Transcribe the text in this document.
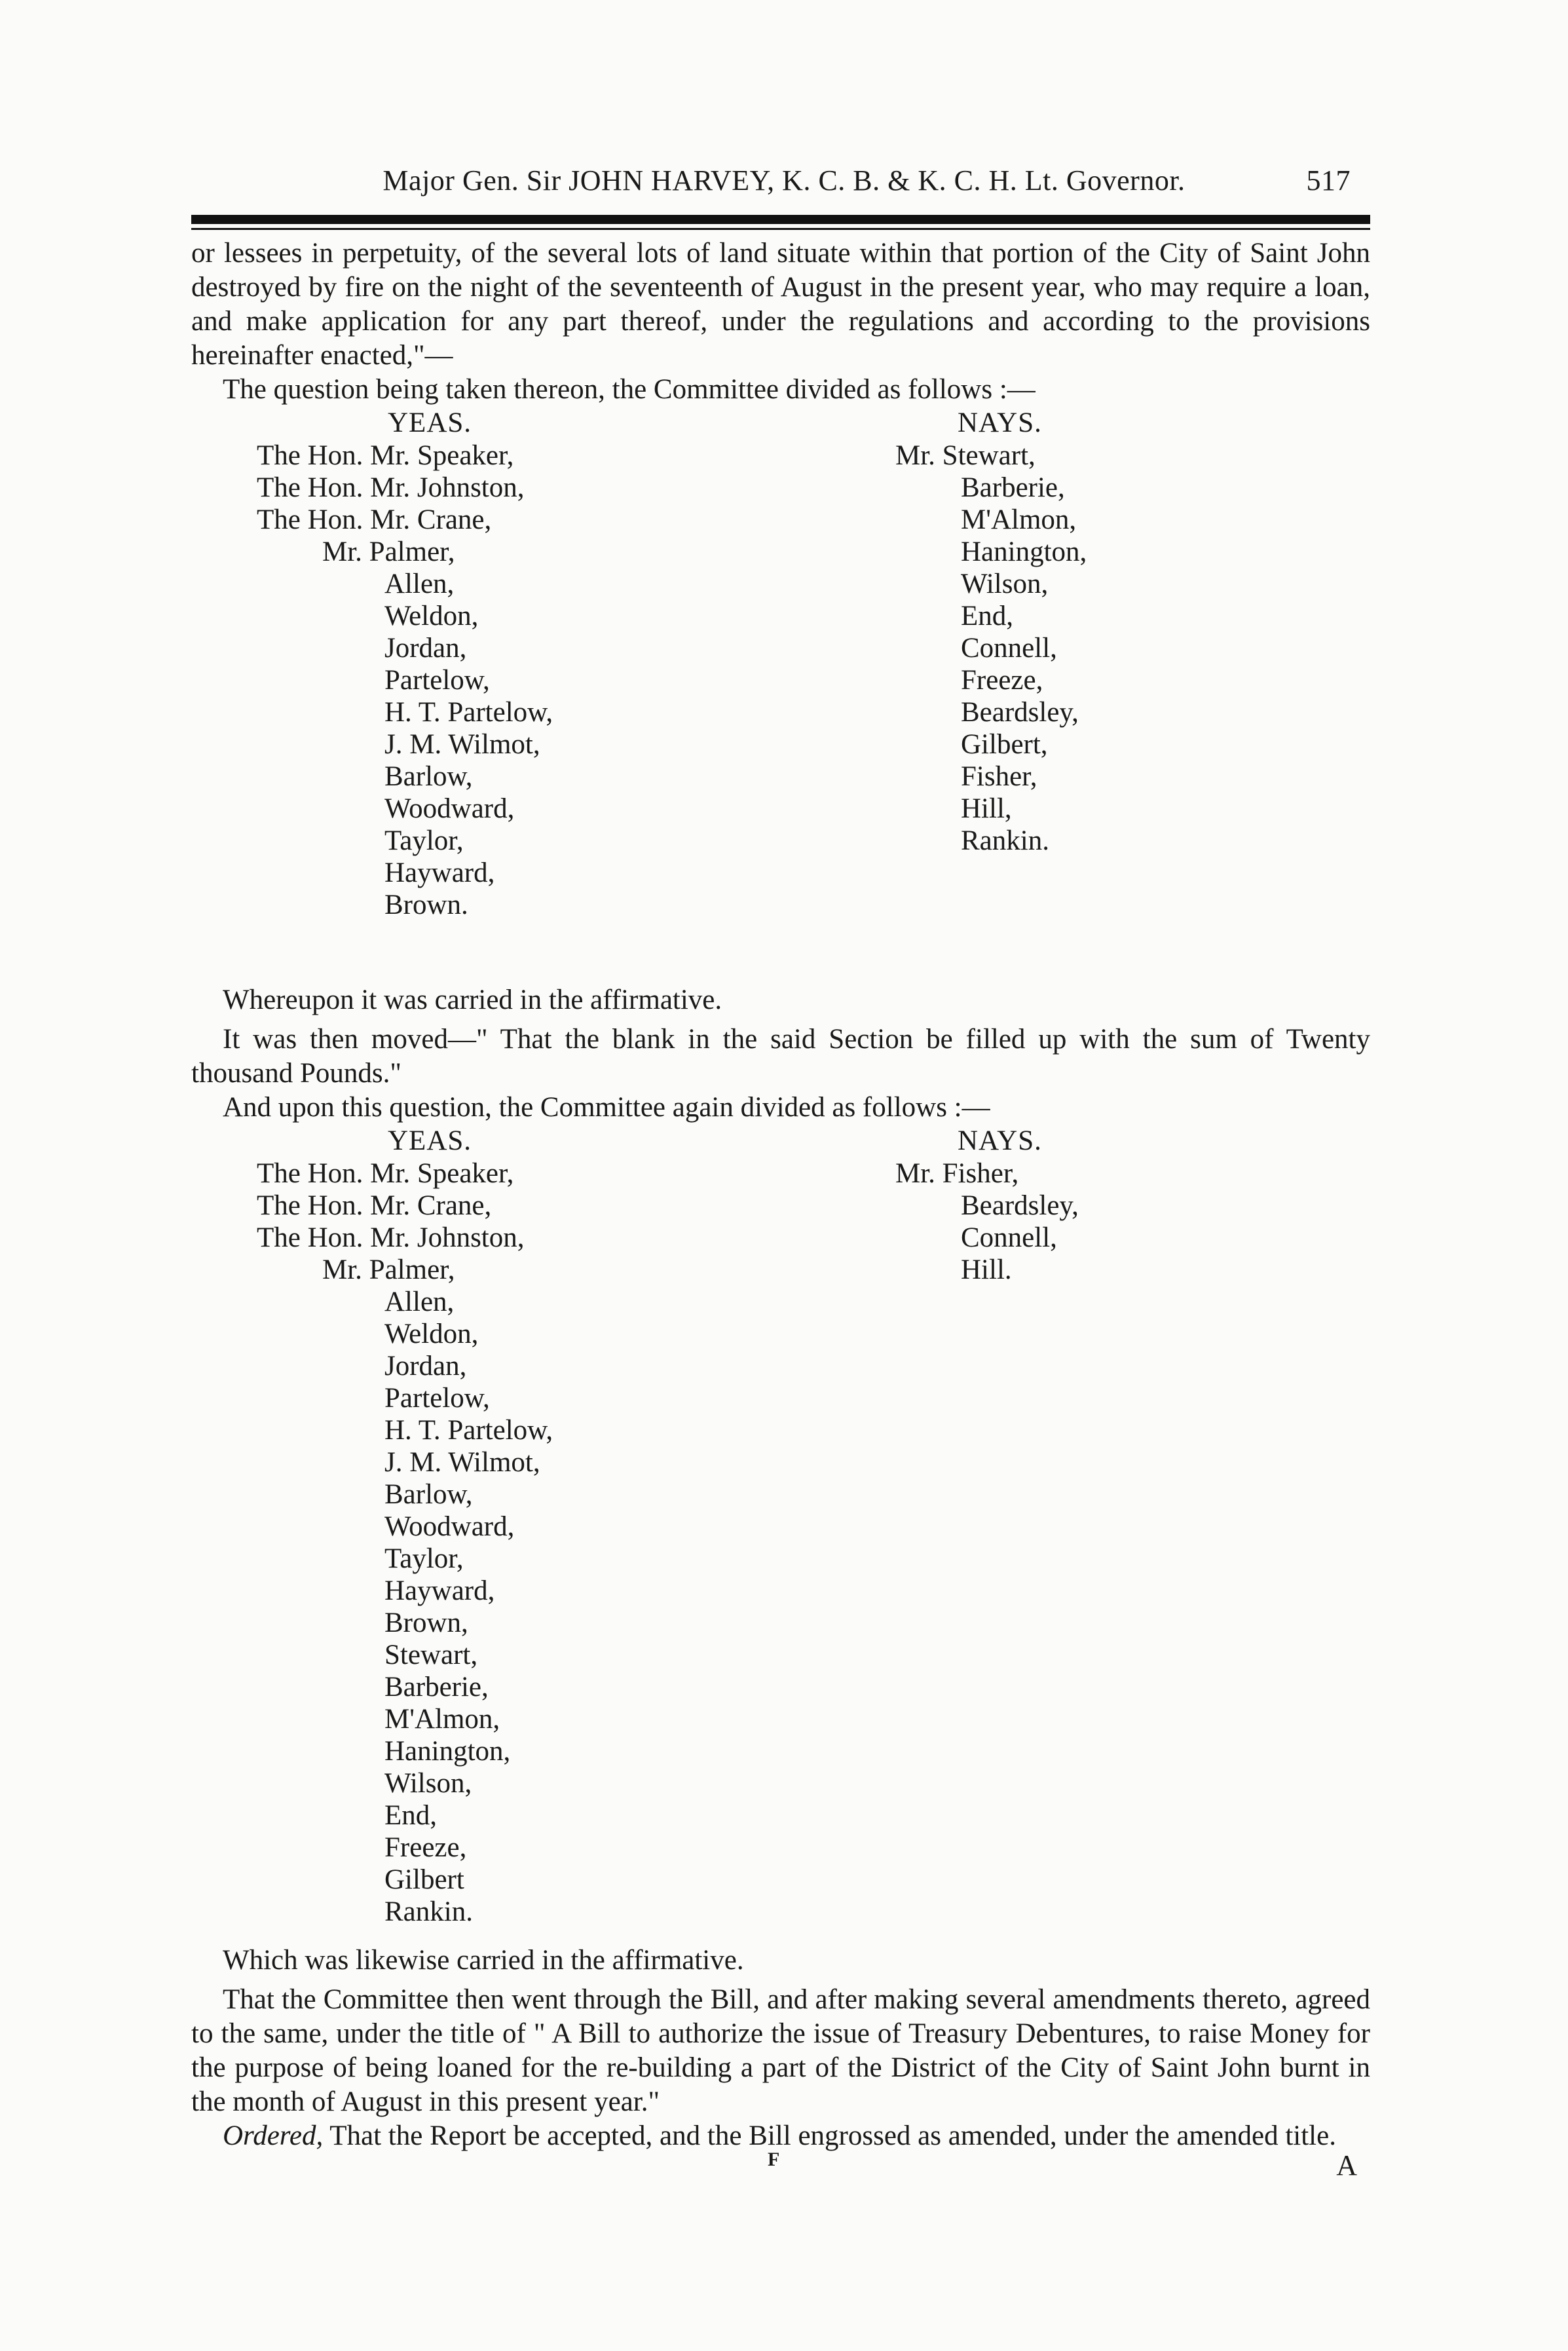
Major Gen. Sir JOHN HARVEY, K. C. B. & K. C. H. Lt. Governor.	517

or lessees in perpetuity, of the several lots of land situate within that portion of the City of Saint John destroyed by fire on the night of the seventeenth of August in the present year, who may require a loan, and make application for any part thereof, under the regulations and according to the provisions hereinafter enacted,"—

The question being taken thereon, the Committee divided as follows :—

YEAS.
The Hon. Mr. Speaker,
The Hon. Mr. Johnston,
The Hon. Mr. Crane,
Mr. Palmer,
Allen,
Weldon,
Jordan,
Partelow,
H. T. Partelow,
J. M. Wilmot,
Barlow,
Woodward,
Taylor,
Hayward,
Brown.
NAYS.
Mr. Stewart,
Barberie,
M'Almon,
Hanington,
Wilson,
End,
Connell,
Freeze,
Beardsley,
Gilbert,
Fisher,
Hill,
Rankin.

Whereupon it was carried in the affirmative.

It was then moved—" That the blank in the said Section be filled up with the sum of Twenty thousand Pounds."

And upon this question, the Committee again divided as follows :—

YEAS.
The Hon. Mr. Speaker,
The Hon. Mr. Crane,
The Hon. Mr. Johnston,
Mr. Palmer,
Allen,
Weldon,
Jordan,
Partelow,
H. T. Partelow,
J. M. Wilmot,
Barlow,
Woodward,
Taylor,
Hayward,
Brown,
Stewart,
Barberie,
M'Almon,
Hanington,
Wilson,
End,
Freeze,
Gilbert
Rankin.
NAYS.
Mr. Fisher,
Beardsley,
Connell,
Hill.

Which was likewise carried in the affirmative.

That the Committee then went through the Bill, and after making several amendments thereto, agreed to the same, under the title of " A Bill to authorize the issue of Treasury Debentures, to raise Money for the purpose of being loaned for the re-building a part of the District of the City of Saint John burnt in the month of August in this present year."

Ordered, That the Report be accepted, and the Bill engrossed as amended, under the amended title.

F	A
